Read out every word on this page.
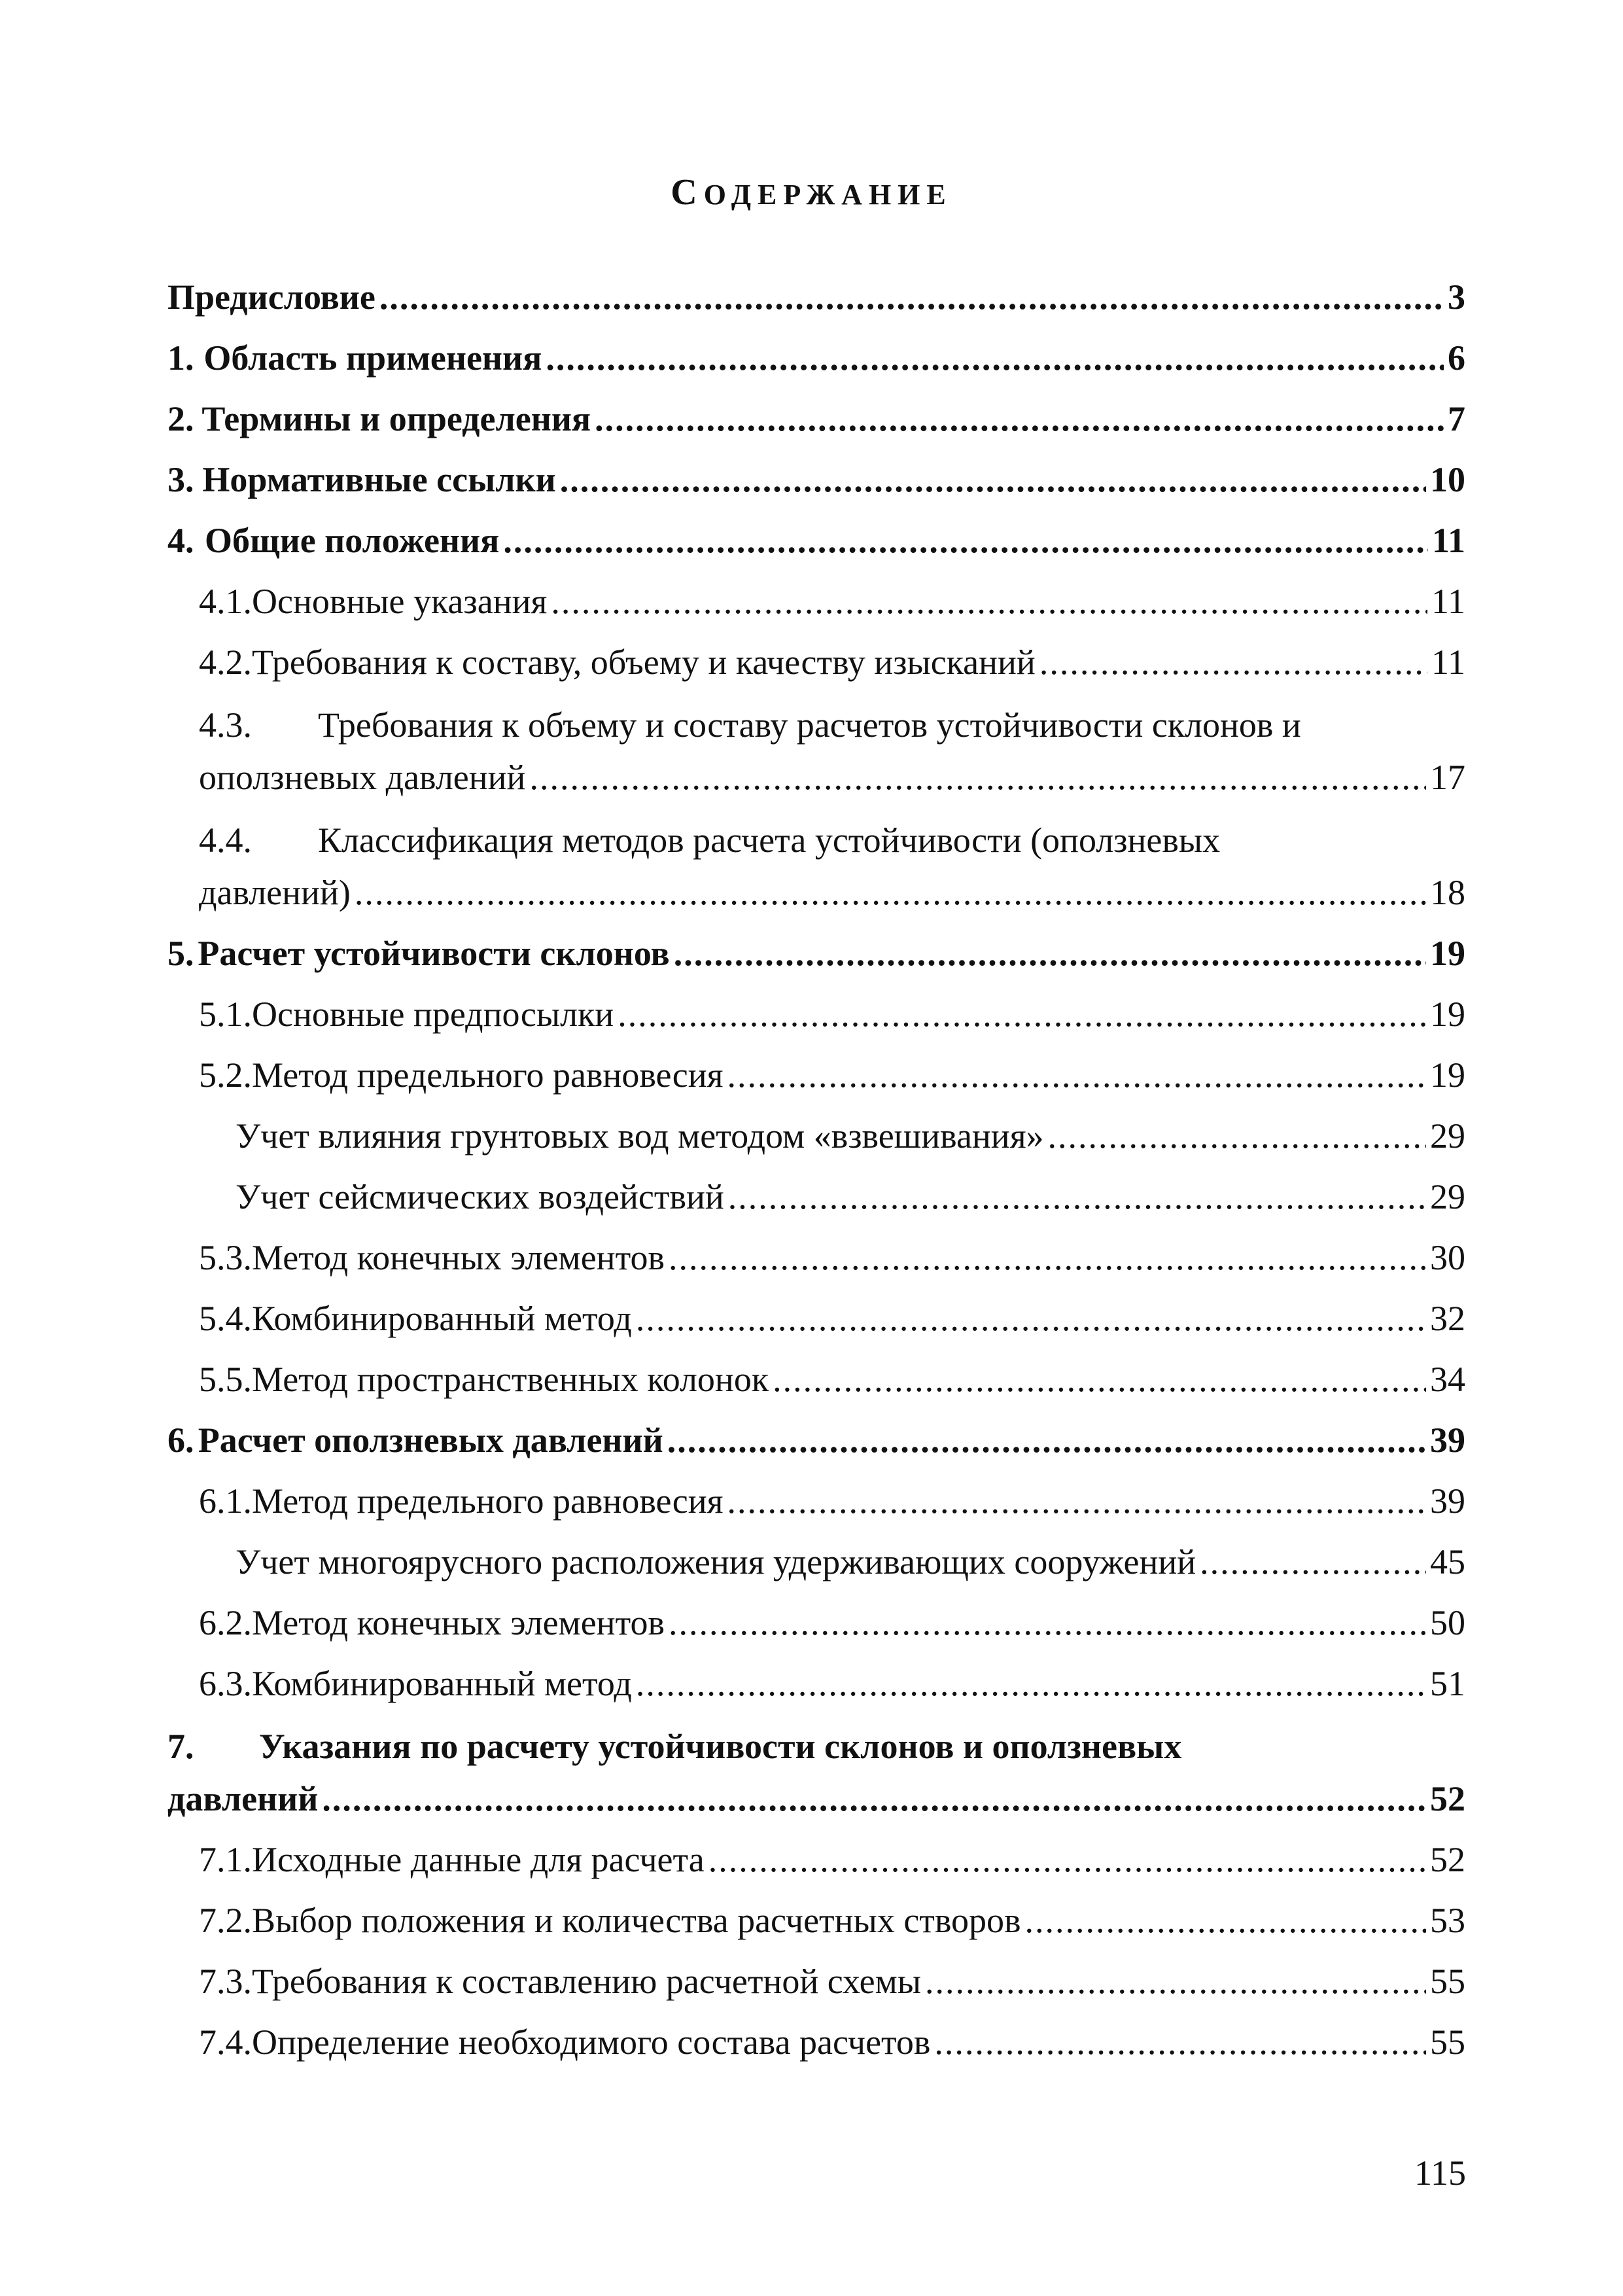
СОДЕРЖАНИЕ
Предисловие .....	3
1. Область применения .....	6
2. Термины и определения .....	7
3. Нормативные ссылки .....	10
4. Общие положения .....	11
4.1. Основные указания .....	11
4.2. Требования к составу, объему и качеству изысканий .....	11
4.3. Требования к объему и составу расчетов устойчивости склонов и
оползневых давлений .....	17
4.4. Классификация методов расчета устойчивости (оползневых
давлений) .....	18
5. Расчет устойчивости склонов .....	19
5.1. Основные предпосылки .....	19
5.2. Метод предельного равновесия .....	19
Учет влияния грунтовых вод методом «взвешивания» .....	29
Учет сейсмических воздействий .....	29
5.3. Метод конечных элементов .....	30
5.4. Комбинированный метод .....	32
5.5. Метод пространственных колонок .....	34
6. Расчет оползневых давлений .....	39
6.1. Метод предельного равновесия .....	39
Учет многоярусного расположения удерживающих сооружений .....	45
6.2. Метод конечных элементов .....	50
6.3. Комбинированный метод .....	51
7. Указания по расчету устойчивости склонов и оползневых
давлений .....	52
7.1. Исходные данные для расчета .....	52
7.2. Выбор положения и количества расчетных створов .....	53
7.3. Требования к составлению расчетной схемы .....	55
7.4. Определение необходимого состава расчетов .....	55
115
